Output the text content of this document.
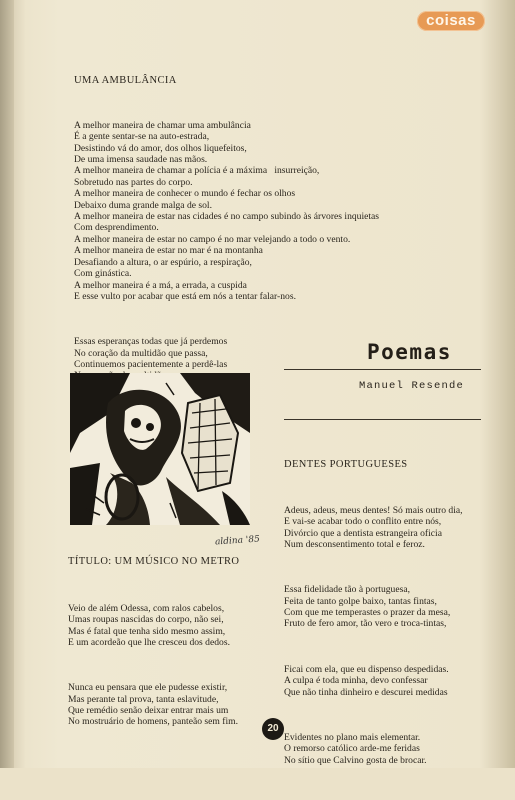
coisas
UMA AMBULÂNCIA

A melhor maneira de chamar uma ambulância
É a gente sentar-se na auto-estrada,
Desistindo vá do amor, dos olhos liquefeitos,
De uma imensa saudade nas mãos.
A melhor maneira de chamar a polícia é a máxima   insurreição,
Sobretudo nas partes do corpo.
A melhor maneira de conhecer o mundo é fechar os olhos
Debaixo duma grande malga de sol.
A melhor maneira de estar nas cidades é no campo subindo às árvores inquietas
Com desprendimento.
A melhor maneira de estar no campo é no mar velejando a todo o vento.
A melhor maneira de estar no mar é na montanha
Desafiando a altura, o ar espúrio, a respiração,
Com ginástica.
A melhor maneira é a má, a errada, a cuspida
E esse vulto por acabar que está em nós a tentar falar-nos.

Essas esperanças todas que já perdemos
No coração da multidão que passa,
Continuemos pacientemente a perdê-las

Poemas
Manuel Resende
aldina '85
TÍTULO: UM MÚSICO NO METRO

Veio de além Odessa, com ralos cabelos,
Umas roupas nascidas do corpo, não sei,
Mas é fatal que tenha sido mesmo assim,
E um acordeão que lhe cresceu dos dedos.

Nunca eu pensara que ele pudesse existir,
Mas perante tal prova, tanta eslavitude,
Que remédio senão deixar entrar mais um
No mostruário de homens, panteão sem fim.

DENTES PORTUGUESES

Adeus, adeus, meus dentes! Só mais outro dia,
E vai-se acabar todo o conflito entre nós,
Divórcio que a dentista estrangeira oficia
Num desconsentimento total e feroz.

Essa fidelidade tão à portuguesa,
Feita de tanto golpe baixo, tantas fintas,
Com que me temperastes o prazer da mesa,
Fruto de fero amor, tão vero e troca-tintas,

Ficai com ela, que eu dispenso despedidas.
A culpa é toda minha, devo confessar
Que não tinha dinheiro e descurei medidas

Evidentes no plano mais elementar.
O remorso católico arde-me feridas
No sítio que Calvino gosta de brocar.

20
